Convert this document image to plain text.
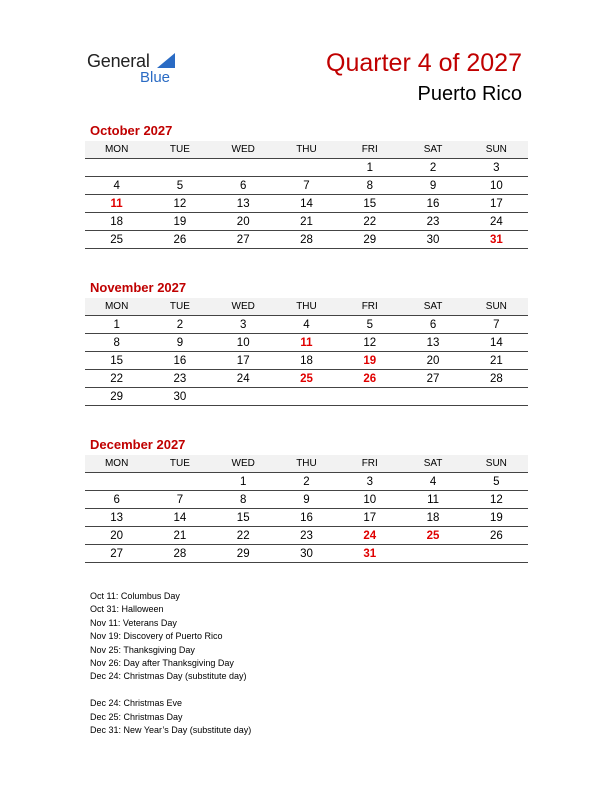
General
Blue
Quarter 4 of 2027
Puerto Rico
October 2027
MON	TUE	WED	THU	FRI	SAT	SUN
				1	2	3
4	5	6	7	8	9	10
11	12	13	14	15	16	17
18	19	20	21	22	23	24
25	26	27	28	29	30	31
November 2027
MON	TUE	WED	THU	FRI	SAT	SUN
1	2	3	4	5	6	7
8	9	10	11	12	13	14
15	16	17	18	19	20	21
22	23	24	25	26	27	28
29	30					
December 2027
MON	TUE	WED	THU	FRI	SAT	SUN
		1	2	3	4	5
6	7	8	9	10	11	12
13	14	15	16	17	18	19
20	21	22	23	24	25	26
27	28	29	30	31		
Oct 11: Columbus Day
Oct 31: Halloween
Nov 11: Veterans Day
Nov 19: Discovery of Puerto Rico
Nov 25: Thanksgiving Day
Nov 26: Day after Thanksgiving Day
Dec 24: Christmas Day (substitute day)
Dec 24: Christmas Eve
Dec 25: Christmas Day
Dec 31: New Year’s Day (substitute day)
